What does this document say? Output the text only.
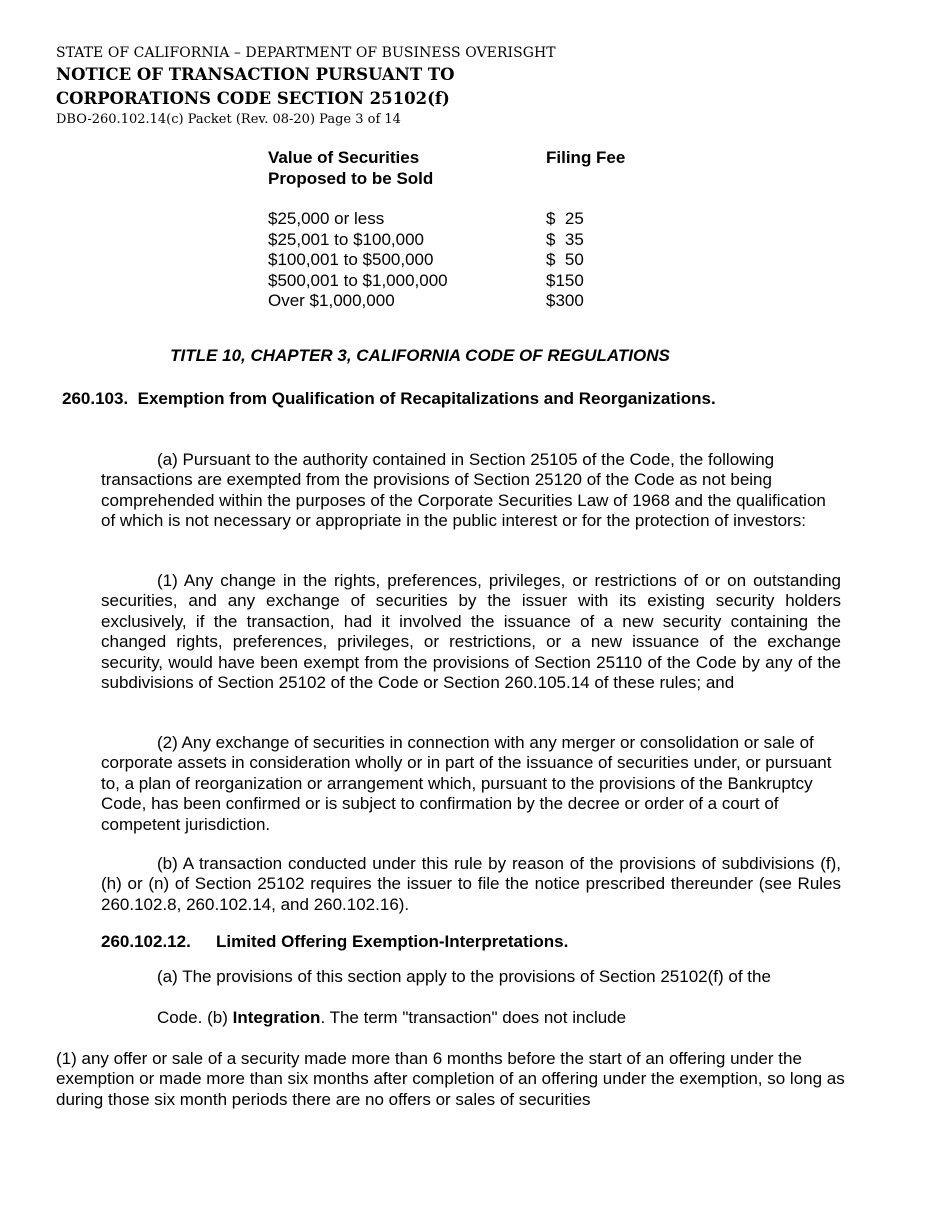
STATE OF CALIFORNIA – DEPARTMENT OF BUSINESS OVERISGHT
NOTICE OF TRANSACTION PURSUANT TO
CORPORATIONS CODE SECTION 25102(f)
DBO-260.102.14(c) Packet (Rev. 08-20) Page 3 of 14
Value of Securities
Proposed to be Sold
Filing Fee
$25,000 or less	$  25
$25,001 to $100,000	$  35
$100,001 to $500,000	$  50
$500,001 to $1,000,000	$150
Over $1,000,000	$300
TITLE 10, CHAPTER 3, CALIFORNIA CODE OF REGULATIONS
260.103.  Exemption from Qualification of Recapitalizations and Reorganizations.
(a) Pursuant to the authority contained in Section 25105 of the Code, the following transactions are exempted from the provisions of Section 25120 of the Code as not being comprehended within the purposes of the Corporate Securities Law of 1968 and the qualification of which is not necessary or appropriate in the public interest or for the protection of investors:
(1) Any change in the rights, preferences, privileges, or restrictions of or on outstanding securities, and any exchange of securities by the issuer with its existing security holders exclusively, if the transaction, had it involved the issuance of a new security containing the changed rights, preferences, privileges, or restrictions, or a new issuance of the exchange security, would have been exempt from the provisions of Section 25110 of the Code by any of the subdivisions of Section 25102 of the Code or Section 260.105.14 of these rules; and
(2) Any exchange of securities in connection with any merger or consolidation or sale of corporate assets in consideration wholly or in part of the issuance of securities under, or pursuant to, a plan of reorganization or arrangement which, pursuant to the provisions of the Bankruptcy Code, has been confirmed or is subject to confirmation by the decree or order of a court of competent jurisdiction.
(b) A transaction conducted under this rule by reason of the provisions of subdivisions (f), (h) or (n) of Section 25102 requires the issuer to file the notice prescribed thereunder (see Rules 260.102.8, 260.102.14, and 260.102.16).
260.102.12. Limited Offering Exemption-Interpretations.
(a) The provisions of this section apply to the provisions of Section 25102(f) of the
Code. (b) Integration. The term "transaction" does not include
(1) any offer or sale of a security made more than 6 months before the start of an offering under the exemption or made more than six months after completion of an offering under the exemption, so long as during those six month periods there are no offers or sales of securities
